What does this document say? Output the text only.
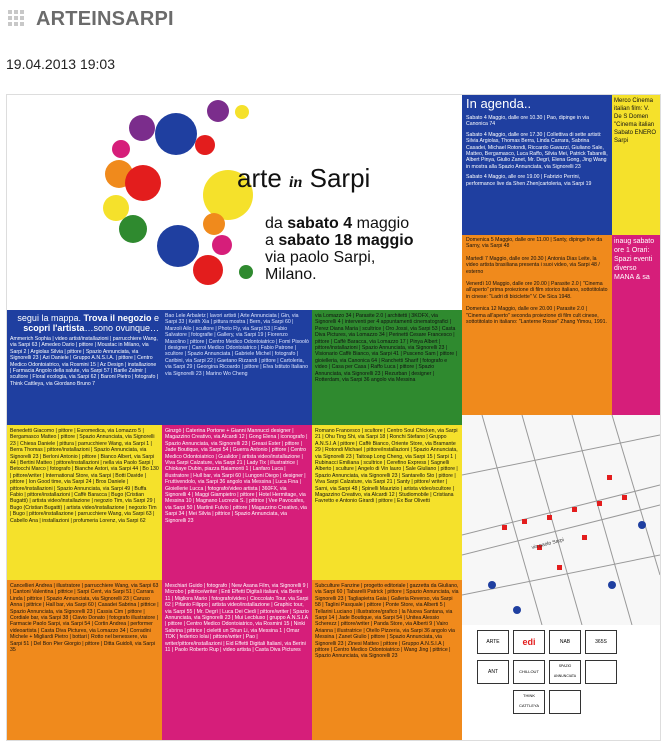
ARTEINSARPI
19.04.2013 19:03
arte in Sarpi
da sabato 4 maggio
a sabato 18 maggio
via paolo Sarpi,
Milano.
In agenda..

Sabato 4 Maggio, dalle ore 10.30 | Pao, dipinge in via Canonica 74

Sabato 4 Maggio, dalle ore 17.30 | Collettiva di sette artisti: Silvia Argiolas, Thomas Berra, Linda Carrara, Sabrina Casadei, Michael Rotondi, Riccardo Gavazzi, Giuliano Sale, Matteo, Bergamasco, Luca Raffo, Silvia Mei, Patrick Tabarelli, Albert Pinya, Giulio Zanet, Mr. Degrì, Elena Gong, Jing Wang in mostra alla Spazio Annunciata, via Signorelli 23

Sabato 4 Maggio, alle ore 19.00 | Fabrizio Perrini, performance live da Shen Zhen|cartoleria, via Sarpi 19

Domenica 5 Maggio, dalle ore 11.00 | Santy, dipinge live da Sarny, via Sarpi 48

Martedì 7 Maggio, dalle ore 20.30 | Antonia Dias Leite, la video artista brasiliana presenta i suoi video, via Sarpi 48 / esterno

Venerdì 10 Maggio, dalle ore 20.00 | Parasite 2.0 | "Cinema all'aperto" prima proiezione di film storico italiano, sottotitolato in cinese: "Ladri di biciclette" V. De Sica 1948.

Domenica 12 Maggio, dalle ore 20.00 | Parasite 2.0 | "Cinema all'aperto" seconda proiezione di film cult cinese, sottotitolato in italiano: "Lanterne Rosse" Zhang Yimou, 1991.

Merco Cinema italian film: V. De S Domen "Cinema italian Sabato ENERO Sarpi
inaug sabato ore 1 Orari: Spazi eventi diverso MANA & sa
segui la mappa. Trova il negozio e scopri l'artista…sono ovunque…

Ammerich Sophia | video artist/installazioni | parrucchiere Wang, via Sarpi 63 | Amedeo Dario | pittore | Moustac in Milano, via Sarpi 2 | Argiolas Silvia | pittore | Spazio Annunciata, via Signorelli 23 | Azi Daniele | Gruppo A.N.S.I.A. | pittore | Centro Medico Odontoiatrico, via Rosmini 15 | Az Design | installazione | Farmacia Angolo della salute, via Sarpi 57 | Barile Zalmir | scultore | Floral ecologia, via Sarpi 62 | Baroni Pietro | fotografo | Think Cattleya, via Giordano Bruno 7

Bao Lele Arbaletz | lavori artisti | Arte Annunciata | Gin, via Sarpi 33 | Keith Xia | pittura mostra | Bern, via Sarpi 60 | Marzoli Ailo | scultore | Photo Fly, via Sarpi 53 | Fabio Salvatore | fotografie | Gallery, via Sarpi 19 | Fiorenzo Masolino | pittore | Centro Medico Odontoiatrico | Fomi Pisoolò | designer | Carroi Medico Odontoiatrico | Fabio Patrone | scultore | Spazio Annunciata | Gabriele Michel | fotografo | Caribini, via Sarpi 22 | Gaetano Rizzardi | pittore | Cartoleria, via Sarpi 29 | Georgina Ricoardo | pittore | Elva Istituto Italiano via Signorelli 23 | Marino Wo Cheng

via Lomazzo 34 | Parasite 2.0 | architetti | 3KOFX, via Signorelli 4 | interventi per 4 appuntamenti cinematografici | Perez Diana Maria | scultrice | Oro Jossi, via Sarpi 53 | Casta Diva Pictures, via Lomazzo 34 | Perinetti Cesare Francesco | pittore | Caffè Baracca, via Lomazzo 17 | Pinya Albert | pittore/installazioni | Spazio Annunciata, via Signorelli 23 | Visionario Caffè Bianco, via Sarpi 41 | Pusceno Sam | pittore | gioielleria, via Canonica 64 | Ranchetti Sharif | fotografo e video | Casa per Casa | Raffo Luca | pittore | Spazio Annunciata, via Signorelli 23 | Rezurban | designer | Rotterdam, via Sarpi 36 angolo via Messina

Benedetti Giacomo | pittore | Euromedica, via Lomazzo 5 | Bergamasco Matteo | pittore | Spazio Annunciata, via Signorelli 23 | Chiesa Daniele | pittura | parrucchiere Wang, via Sarpi 1 | Berra Thomas | pittore/installazioni | Spazio Annunciata, via Signorelli 23 | Berloni Antonio | pittore | Bianco Albert, via Sarpi 44 | Bertini Matteo | pittore/installazioni | nella via Paolo Sarpi | Betocchi Marco | fotografo | Bianche Astori, via Sarpi 44 | Bo 130 | pittore/writer | International Store, via Sarpi | Botti Davide | pittore | Ion Good time, via Sarpi 24 | Bros Daniele | pittore/installazioni | Spazio Annunciata, via Sarpi 49 | Buffa Fabio | pittore/installazioni | Caffè Baracca | Bugo (Cristian Bugatti) | artista video/installazione | negozio Tim, via Sarpi 29 | Bugo (Cristian Bugatti) | artista video/installazione | negozio Tim | Bugo | pittore/installazione | parrucchiere Wang, via Sarpi 63 | Cabello Ana | installazioni | profumeria Lorenz, via Sarpi 62

Ginzgò | Caterina Portone + Gianni Mannucci designer | Magazzino Creativo, via Alcardi 12 | Gong Elena | iconografo | Spazio Annunciata, via Signorelli 23 | Greasi Ester | pittore | Jade Boutique, via Sarpi 54 | Guerra Antonio | pittore | Centro Medico Odontoiatrico | Gualidor | artista video/installazione | Viva Sarpi Calzature, via Sarpi 21 | Lady Tix | illustratrice | Chiokaye Dubin, piazza Baiamonti 1 | Lanfaro Luca | illustratore | Hull bar, via Sarpi 60 | Lungoni Diego | designer | Fruttivendolo, via Sarpi 36 angolo via Messina | Luca Fina | Gioiellerie Lucca | fotografo/video artista | 360FX, via Signorelli 4 | Maggi Giampietro | pittore | Hotel Hermitage, via Messina 10 | Magnano Lucrezia S. | pittrice | Vee Pavocafes, via Sarpi 50 | Martinii Fulvio | pittore | Magazzino Creativo, via Sarpi 34 | Mei Silvia | pittrice | Spazio Annunciata, via Signorelli 23

Romano Francesco | scultore | Centro Soul Chicken, via Sarpi 21 | Ohu Ting Shi, via Sarpi 18 | Ronchi Stefano | Gruppo A.N.S.I.A | pittore | Caffè Bianco, Oriente Store, via Bramante 29 | Rotondi Michael | pittore/installazioni | Spazio Annunciata, via Signorelli 23 | Taitoap Long Cheng, via Sarpi 15 | Sarpi 1 | Rubinacci Emiliana | scultrice | Cerefino Express | Sagnelli Alberto | sculture | Angelo di Vin lauro | Sale Giuliano | pittore | Spazio Annunciata, via Signorelli 23 | Santarello Sto | pittore | Viva Sarpi Calzature, via Sarpi 21 | Santy | pittore/ writer | Sarni, via Sarpi 48 | Spinelli Maurizio | artista video/scultore | Magazzino Creativo, via Alcardi 12 | Studiomobile | Cristiana Favretto e Antonio Girardi | pittore | Ex Bar Olivetti

Cancellieri Andrea | illustratore | parrucchiere Wang, via Sarpi 63 | Cantoni Valentina | pittrice | Sarpi Cent, via Sarpi 51 | Carrara Linda | pittrice | Spazio Annunciata, via Signorelli 23 | Caruso Anna | pittrice | Hall bar, via Sarpi 60 | Casadei Sabrina | pittrice | Spazio Annunciata, via Signorelli 23 | Cassia Cim | pittore | Cordiale bar, via Sarpi 38 | Clavio Donato | fotografo illustratore | Farmacie Paolo Sarpi, via Sarpi 54 | Cortin Andrea | performer videoartista | Casta Diva Pictures, via Lomazzo 34 | Corradini Michele + Migliardi Pietro | bottari | Rotto nel benessere, via Sarpi 51 | Del Bon Pier Giorgio | pittore | Ditta Guidoli, via Sarpi 35

Meschiari Guido | fotografo | New Asana Film, via Signorelli 9 | Microbo | pittrice/writer | Enti Effetti Digitali italiani, via Berini 11 | Migliora Mario | fotografo/video | Cioccolato Tour, via Sarpi 62 | Pifanio Filippo | artista video/installazione | Graphic tour, via Sarpi 55 | Mr. Degrì | Luca Dei Ciedi | pittore/writer | Spazio Annunciata, via Signorelli 23 | Mui Lecbluso | gruppo A.N.S.I.A | pittore | Centro Medico Odontoiatrico, via Rosmini 15 | Ninki Sabrina | pittrice | cieletti un Shun Li, via Messina 1 | Omar TDK | federico lolai | pittore/writer | Pao | writer/pittore/installazioni | Eid Effetti Digitali Italiani, via Berini 11 | Paolo Roberto Rup | video artista | Casta Diva Pictures

Subculture Fanzine | progetto editoriale | gazzetta da Giuliano, via Sarpi 60 | Tabarelli Patrick | pittore | Spazio Annunciata, via Signorelli 23 | Tagliapietra Gaia | Galleria Reverso, via Sarpi 58 | Taglini Pasquale | pittore | Ponte Store, via Alberti 5 | Tellarini Luciano | illustratore/grafico | la Nuova Santana, via Sarpi 14 | Jade Boutique, via Sarpi 54 | Unitea Alessio Scherezz | pittore/writer | Panda Store, via Alberti 9 | Vairo Arianna | illustratrice | Otello Pizzeria, via Sarpi 36 angolo via Messina | Zanet Giulio | pittore | Spazio Annunciata, via Signorelli 23 | Zinesi Matteo | pittore | Gruppo A.N.S.I.A | pittore | Centro Medico Odontoiatrico | Wang Jing | pittrice | Spazio Annunciata, via Signorelli 23

via paolo Sarpi
ARTE	edi	NAB	365S
ANT	CHILLOUT
SPAZIO ANNUNCIATA
THINK CATTLEYA
